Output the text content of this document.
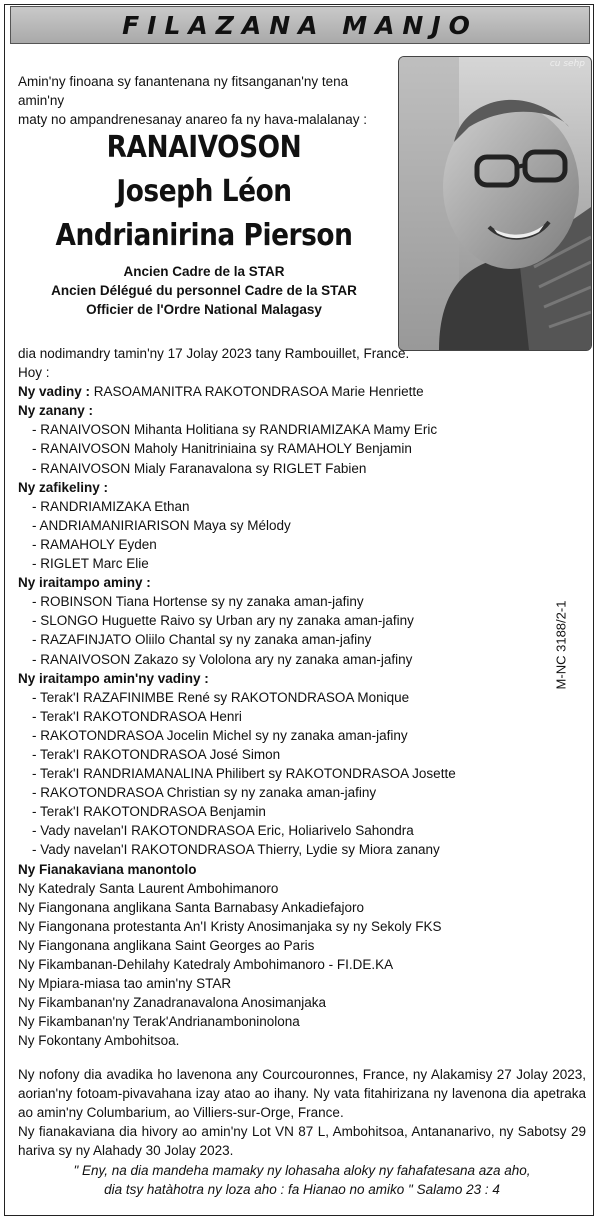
FILAZANA MANJO
Amin'ny finoana sy fanantenana ny fitsanganan'ny tena amin'ny
maty no ampandrenesanay anareo fa ny hava-malalanay :
cu sehp
RANAIVOSON
Joseph Léon
Andrianirina Pierson
Ancien Cadre de la STAR
Ancien Délégué du personnel Cadre de la STAR
Officier de l'Ordre National Malagasy
dia nodimandry tamin'ny 17 Jolay 2023 tany Rambouillet, France.
Hoy :
Ny vadiny : RASOAMANITRA RAKOTONDRASOA Marie Henriette
Ny zanany :
- RANAIVOSON Mihanta Holitiana sy RANDRIAMIZAKA Mamy Eric
- RANAIVOSON Maholy Hanitriniaina sy RAMAHOLY Benjamin
- RANAIVOSON Mialy Faranavalona sy RIGLET Fabien
Ny zafikeliny :
- RANDRIAMIZAKA Ethan
- ANDRIAMANIRIARISON Maya sy Mélody
- RAMAHOLY Eyden
- RIGLET Marc Elie
Ny iraitampo aminy :
- ROBINSON Tiana Hortense sy ny zanaka aman-jafiny
- SLONGO Huguette Raivo sy Urban ary ny zanaka aman-jafiny
- RAZAFINJATO Oliilo Chantal sy ny zanaka aman-jafiny
- RANAIVOSON Zakazo sy Vololona ary ny zanaka aman-jafiny
Ny iraitampo amin'ny vadiny :
- Terak'I RAZAFINIMBE René sy RAKOTONDRASOA Monique
- Terak'I RAKOTONDRASOA Henri
- RAKOTONDRASOA Jocelin Michel sy ny zanaka aman-jafiny
- Terak'I RAKOTONDRASOA José Simon
- Terak'I RANDRIAMANALINA Philibert sy RAKOTONDRASOA Josette
- RAKOTONDRASOA Christian sy ny zanaka aman-jafiny
- Terak'I RAKOTONDRASOA Benjamin
- Vady navelan'I RAKOTONDRASOA Eric, Holiarivelo Sahondra
- Vady navelan'I RAKOTONDRASOA Thierry, Lydie sy Miora zanany
Ny Fianakaviana manontolo
Ny Katedraly Santa Laurent Ambohimanoro
Ny Fiangonana anglikana Santa Barnabasy Ankadiefajoro
Ny Fiangonana protestanta An'I Kristy Anosimanjaka sy ny Sekoly FKS
Ny Fiangonana anglikana Saint Georges ao Paris
Ny Fikambanan-Dehilahy Katedraly Ambohimanoro - FI.DE.KA
Ny Mpiara-miasa tao amin'ny STAR
Ny Fikambanan'ny Zanadranavalona Anosimanjaka
Ny Fikambanan'ny Terak'Andrianamboninolona
Ny Fokontany Ambohitsoa.

Ny nofony dia avadika ho lavenona any Courcouronnes, France, ny Alakamisy 27 Jolay 2023, aorian'ny fotoam-pivavahana izay atao ao ihany. Ny vata fitahirizana ny lavenona dia apetraka ao amin'ny Columbarium, ao Villiers-sur-Orge, France.

Ny fianakaviana dia hivory ao amin'ny Lot VN 87 L, Ambohitsoa, Antananarivo, ny Sabotsy 29 hariva sy ny Alahady 30 Jolay 2023.

" Eny, na dia mandeha mamaky ny lohasaha aloky ny fahafatesana aza aho,
dia tsy hatàhotra ny loza aho : fa Hianao no amiko " Salamo 23 : 4
M-NC 3188/2-1
